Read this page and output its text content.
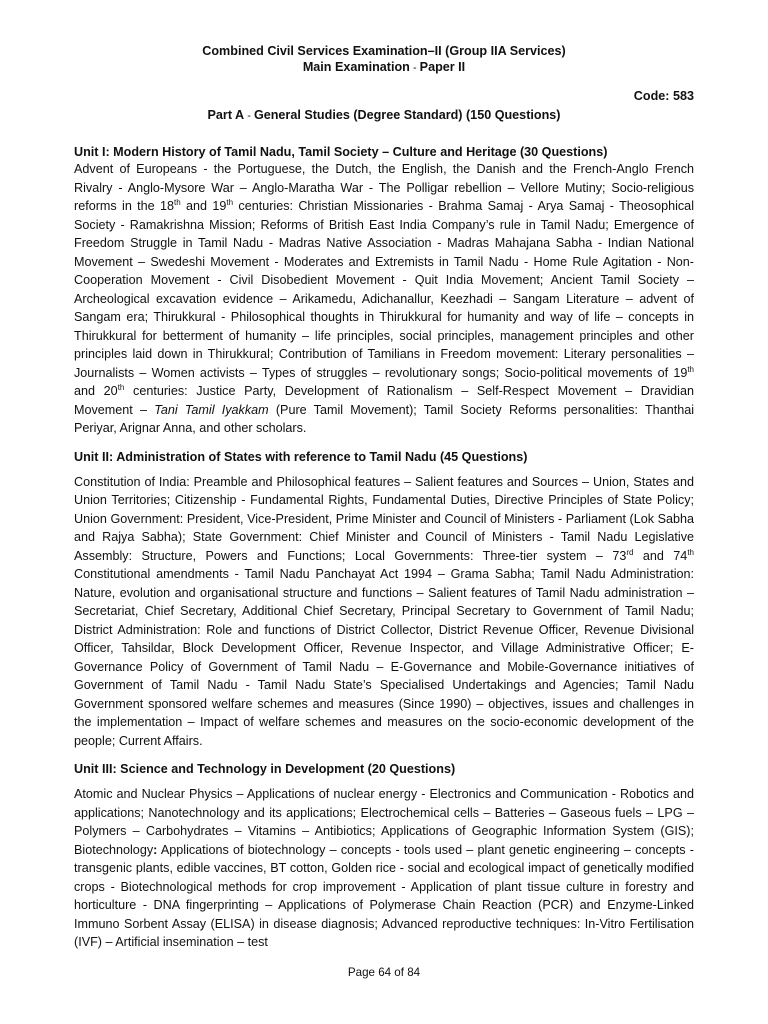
Combined Civil Services Examination–II (Group IIA Services)
Main Examination - Paper II
Code: 583
Part A - General Studies (Degree Standard) (150 Questions)
Unit I: Modern History of Tamil Nadu, Tamil Society – Culture and Heritage (30 Questions)
Advent of Europeans - the Portuguese, the Dutch, the English, the Danish and the French-Anglo French Rivalry - Anglo-Mysore War – Anglo-Maratha War - The Polligar rebellion – Vellore Mutiny; Socio-religious reforms in the 18th and 19th centuries: Christian Missionaries - Brahma Samaj - Arya Samaj - Theosophical Society - Ramakrishna Mission; Reforms of British East India Company’s rule in Tamil Nadu; Emergence of Freedom Struggle in Tamil Nadu - Madras Native Association - Madras Mahajana Sabha - Indian National Movement – Swedeshi Movement - Moderates and Extremists in Tamil Nadu - Home Rule Agitation - Non-Cooperation Movement - Civil Disobedient Movement - Quit India Movement; Ancient Tamil Society – Archeological excavation evidence – Arikamedu, Adichanallur, Keezhadi – Sangam Literature – advent of Sangam era; Thirukkural - Philosophical thoughts in Thirukkural for humanity and way of life – concepts in Thirukkural for betterment of humanity – life principles, social principles, management principles and other principles laid down in Thirukkural; Contribution of Tamilians in Freedom movement: Literary personalities – Journalists – Women activists – Types of struggles – revolutionary songs; Socio-political movements of 19th and 20th centuries: Justice Party, Development of Rationalism – Self-Respect Movement – Dravidian Movement – Tani Tamil Iyakkam (Pure Tamil Movement); Tamil Society Reforms personalities: Thanthai Periyar, Arignar Anna, and other scholars.
Unit II: Administration of States with reference to Tamil Nadu (45 Questions)
Constitution of India: Preamble and Philosophical features – Salient features and Sources – Union, States and Union Territories; Citizenship - Fundamental Rights, Fundamental Duties, Directive Principles of State Policy; Union Government: President, Vice-President, Prime Minister and Council of Ministers - Parliament (Lok Sabha and Rajya Sabha); State Government: Chief Minister and Council of Ministers - Tamil Nadu Legislative Assembly: Structure, Powers and Functions; Local Governments: Three-tier system – 73rd and 74th Constitutional amendments - Tamil Nadu Panchayat Act 1994 – Grama Sabha; Tamil Nadu Administration: Nature, evolution and organisational structure and functions – Salient features of Tamil Nadu administration – Secretariat, Chief Secretary, Additional Chief Secretary, Principal Secretary to Government of Tamil Nadu; District Administration: Role and functions of District Collector, District Revenue Officer, Revenue Divisional Officer, Tahsildar, Block Development Officer, Revenue Inspector, and Village Administrative Officer; E-Governance Policy of Government of Tamil Nadu – E-Governance and Mobile-Governance initiatives of Government of Tamil Nadu - Tamil Nadu State’s Specialised Undertakings and Agencies; Tamil Nadu Government sponsored welfare schemes and measures (Since 1990) – objectives, issues and challenges in the implementation – Impact of welfare schemes and measures on the socio-economic development of the people; Current Affairs.
Unit III: Science and Technology in Development (20 Questions)
Atomic and Nuclear Physics – Applications of nuclear energy - Electronics and Communication - Robotics and applications; Nanotechnology and its applications; Electrochemical cells – Batteries – Gaseous fuels – LPG – Polymers – Carbohydrates – Vitamins – Antibiotics; Applications of Geographic Information System (GIS); Biotechnology: Applications of biotechnology – concepts - tools used – plant genetic engineering – concepts - transgenic plants, edible vaccines, BT cotton, Golden rice - social and ecological impact of genetically modified crops - Biotechnological methods for crop improvement - Application of plant tissue culture in forestry and horticulture - DNA fingerprinting – Applications of Polymerase Chain Reaction (PCR) and Enzyme-Linked Immuno Sorbent Assay (ELISA) in disease diagnosis; Advanced reproductive techniques: In-Vitro Fertilisation (IVF) – Artificial insemination – test
Page 64 of 84
